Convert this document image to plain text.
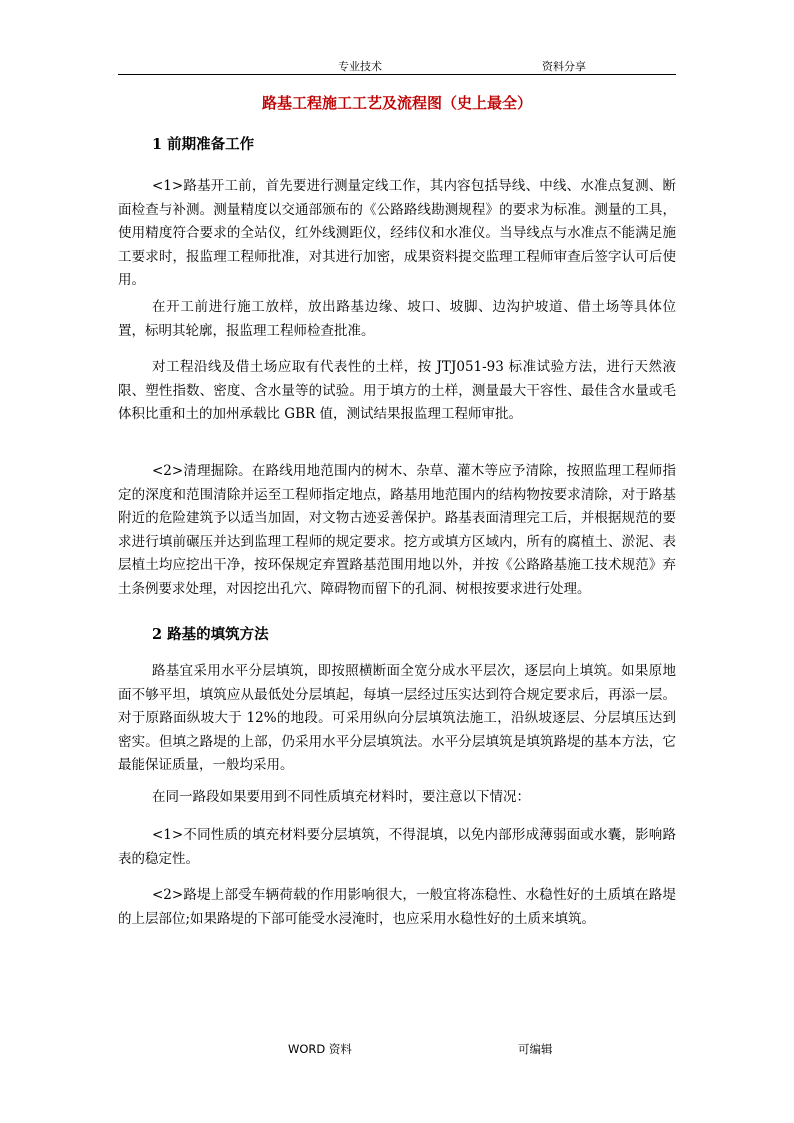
专业技术	资料分享
路基工程施工工艺及流程图（史上最全）
1 前期准备工作

<1>路基开工前，首先要进行测量定线工作，其内容包括导线、中线、水准点复测、断面检查与补测。测量精度以交通部颁布的《公路路线勘测规程》的要求为标准。测量的工具，使用精度符合要求的全站仪，红外线测距仪，经纬仪和水准仪。当导线点与水准点不能满足施工要求时，报监理工程师批准，对其进行加密，成果资料提交监理工程师审查后签字认可后使用。

在开工前进行施工放样，放出路基边缘、坡口、坡脚、边沟护坡道、借土场等具体位置，标明其轮廓，报监理工程师检查批准。

对工程沿线及借土场应取有代表性的土样，按 JTJ051-93 标准试验方法，进行天然液限、塑性指数、密度、含水量等的试验。用于填方的土样，测量最大干容性、最佳含水量或毛体积比重和土的加州承载比 GBR 值，测试结果报监理工程师审批。

<2>清理掘除。在路线用地范围内的树木、杂草、灌木等应予清除，按照监理工程师指定的深度和范围清除并运至工程师指定地点，路基用地范围内的结构物按要求清除，对于路基附近的危险建筑予以适当加固，对文物古迹妥善保护。路基表面清理完工后，并根据规范的要求进行填前碾压并达到监理工程师的规定要求。挖方或填方区域内，所有的腐植土、淤泥、表层植土均应挖出干净，按环保规定弃置路基范围用地以外，并按《公路路基施工技术规范》弃土条例要求处理，对因挖出孔穴、障碍物而留下的孔洞、树根按要求进行处理。

2 路基的填筑方法

路基宜采用水平分层填筑，即按照横断面全宽分成水平层次，逐层向上填筑。如果原地面不够平坦，填筑应从最低处分层填起，每填一层经过压实达到符合规定要求后，再添一层。对于原路面纵坡大于 12%的地段。可采用纵向分层填筑法施工，沿纵坡逐层、分层填压达到密实。但填之路堤的上部，仍采用水平分层填筑法。水平分层填筑是填筑路堤的基本方法，它最能保证质量，一般均采用。

在同一路段如果要用到不同性质填充材料时，要注意以下情况：

<1>不同性质的填充材料要分层填筑，不得混填，以免内部形成薄弱面或水囊，影响路表的稳定性。

<2>路堤上部受车辆荷载的作用影响很大，一般宜将冻稳性、水稳性好的土质填在路堤的上层部位;如果路堤的下部可能受水浸淹时，也应采用水稳性好的土质来填筑。

WORD 资料	可编辑
